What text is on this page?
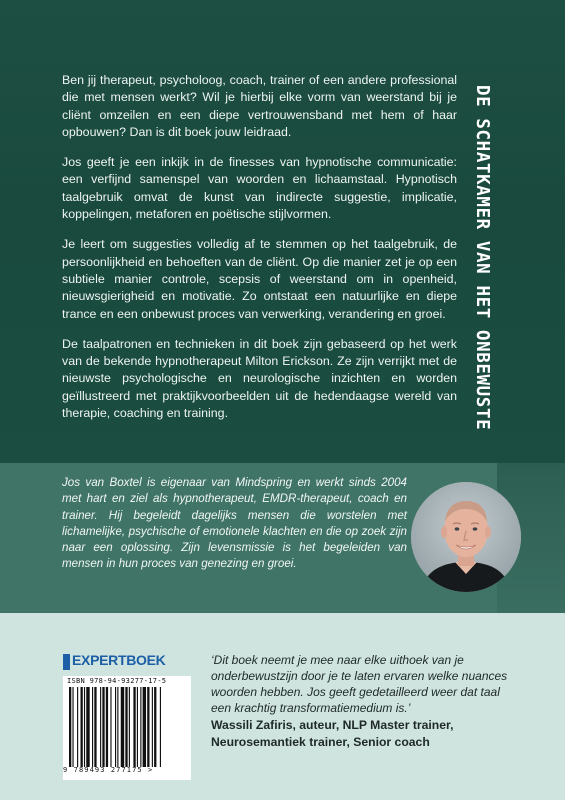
Ben jij therapeut, psycholoog, coach, trainer of een andere professional die met mensen werkt? Wil je hierbij elke vorm van weerstand bij je cliënt omzeilen en een diepe vertrouwensband met hem of haar opbouwen? Dan is dit boek jouw leidraad.

Jos geeft je een inkijk in de finesses van hypnotische communicatie: een verfijnd samenspel van woorden en lichaamstaal. Hypnotisch taalgebruik omvat de kunst van indirecte suggestie, implicatie, koppelingen, metaforen en poëtische stijlvormen.

Je leert om suggesties volledig af te stemmen op het taalgebruik, de persoonlijkheid en behoeften van de cliënt. Op die manier zet je op een subtiele manier controle, scepsis of weerstand om in openheid, nieuwsgierigheid en motivatie. Zo ontstaat een natuurlijke en diepe trance en een onbewust proces van verwerking, verandering en groei.

De taalpatronen en technieken in dit boek zijn gebaseerd op het werk van de bekende hypnotherapeut Milton Erickson. Ze zijn verrijkt met de nieuwste psychologische en neurologische inzichten en worden geïllustreerd met praktijkvoorbeelden uit de hedendaagse wereld van therapie, coaching en training.	DE SCHATKAMER VAN HET ONBEWUSTE
Jos van Boxtel is eigenaar van Mindspring en werkt sinds 2004 met hart en ziel als hypnotherapeut, EMDR-therapeut, coach en trainer. Hij begeleidt dagelijks mensen die worstelen met lichamelijke, psychische of emotionele klachten en die op zoek zijn naar een oplossing. Zijn levensmissie is het begeleiden van mensen in hun proces van genezing en groei.
EXPERTBOEK
ISBN 978-94-93277-17-5
9 789493 277175 >
‘Dit boek neemt je mee naar elke uithoek van je onderbewustzijn door je te laten ervaren welke nuances woorden hebben. Jos geeft gedetailleerd weer dat taal een krachtig transformatiemedium is.’
Wassili Zafiris, auteur, NLP Master trainer, Neurosemantiek trainer, Senior coach
